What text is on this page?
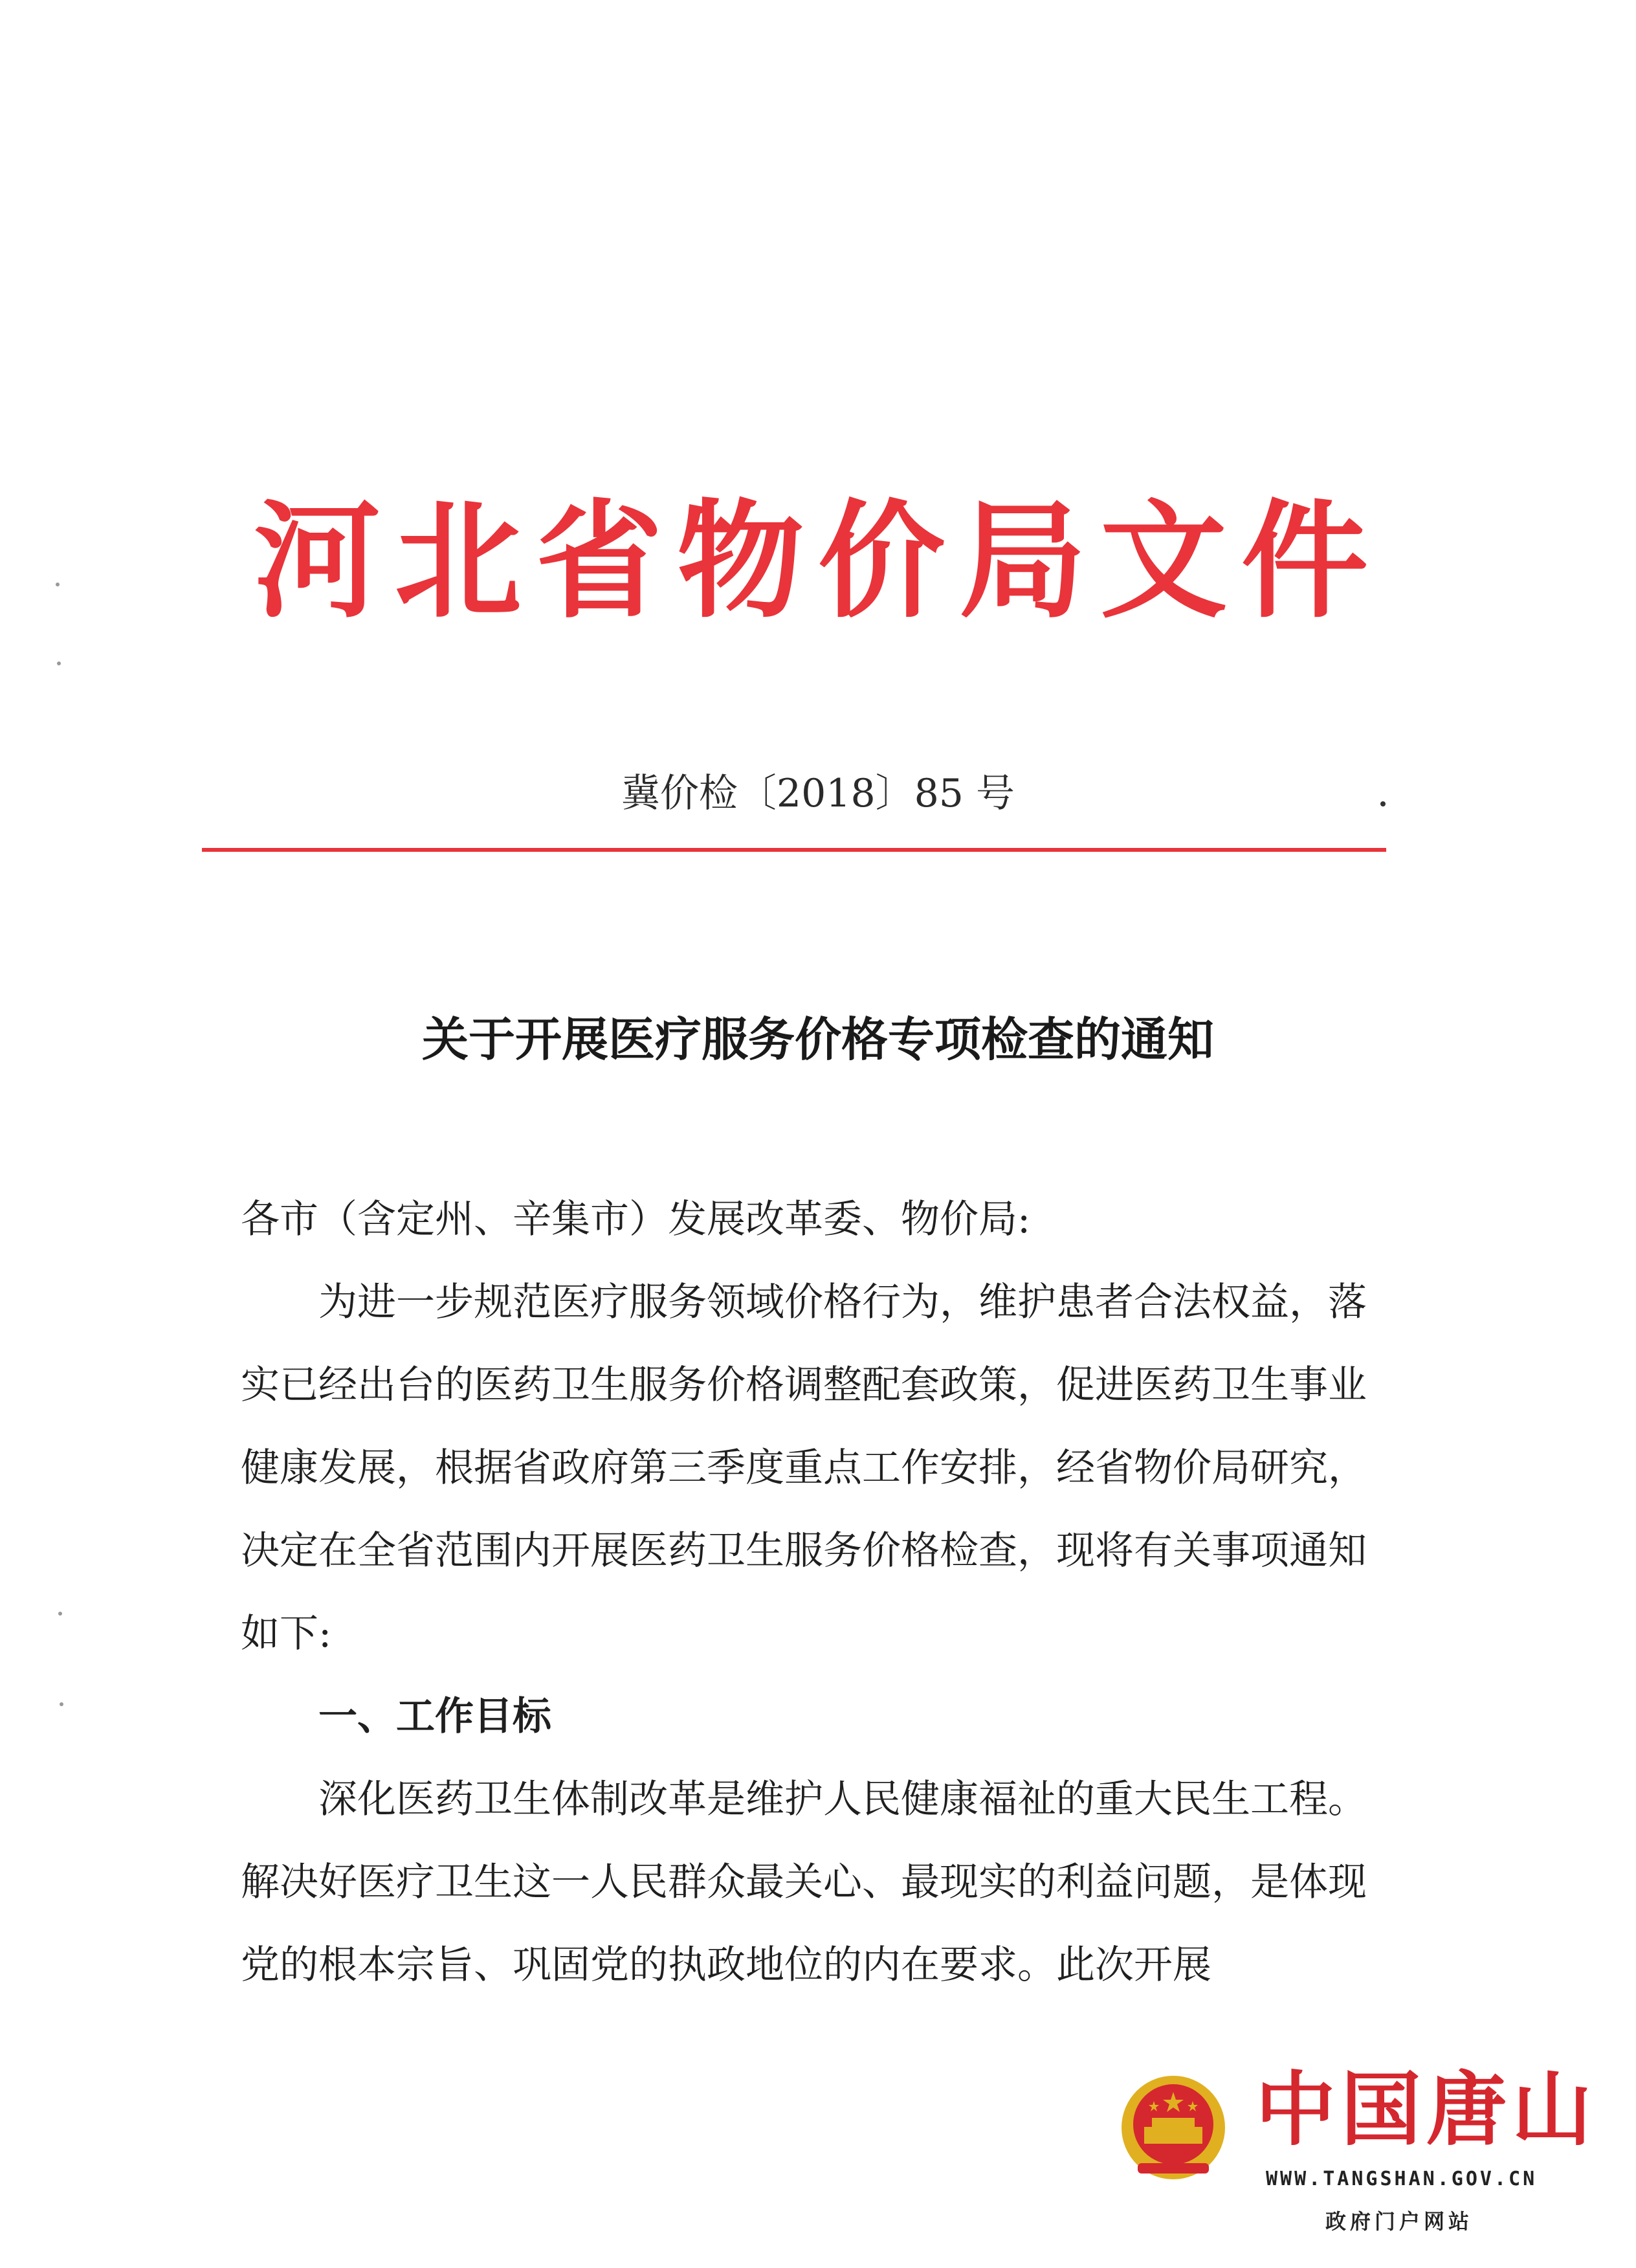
河北省物价局文件
冀价检〔2018〕85 号
关于开展医疗服务价格专项检查的通知

各市（含定州、辛集市）发展改革委、物价局:

为进一步规范医疗服务领域价格行为，维护患者合法权益，落实已经出台的医药卫生服务价格调整配套政策，促进医药卫生事业健康发展，根据省政府第三季度重点工作安排，经省物价局研究，决定在全省范围内开展医药卫生服务价格检查，现将有关事项通知如下:

一、工作目标

深化医药卫生体制改革是维护人民健康福祉的重大民生工程。解决好医疗卫生这一人民群众最关心、最现实的利益问题，是体现党的根本宗旨、巩固党的执政地位的内在要求。此次开展

中国唐山
WWW.TANGSHAN.GOV.CN
政府门户网站
